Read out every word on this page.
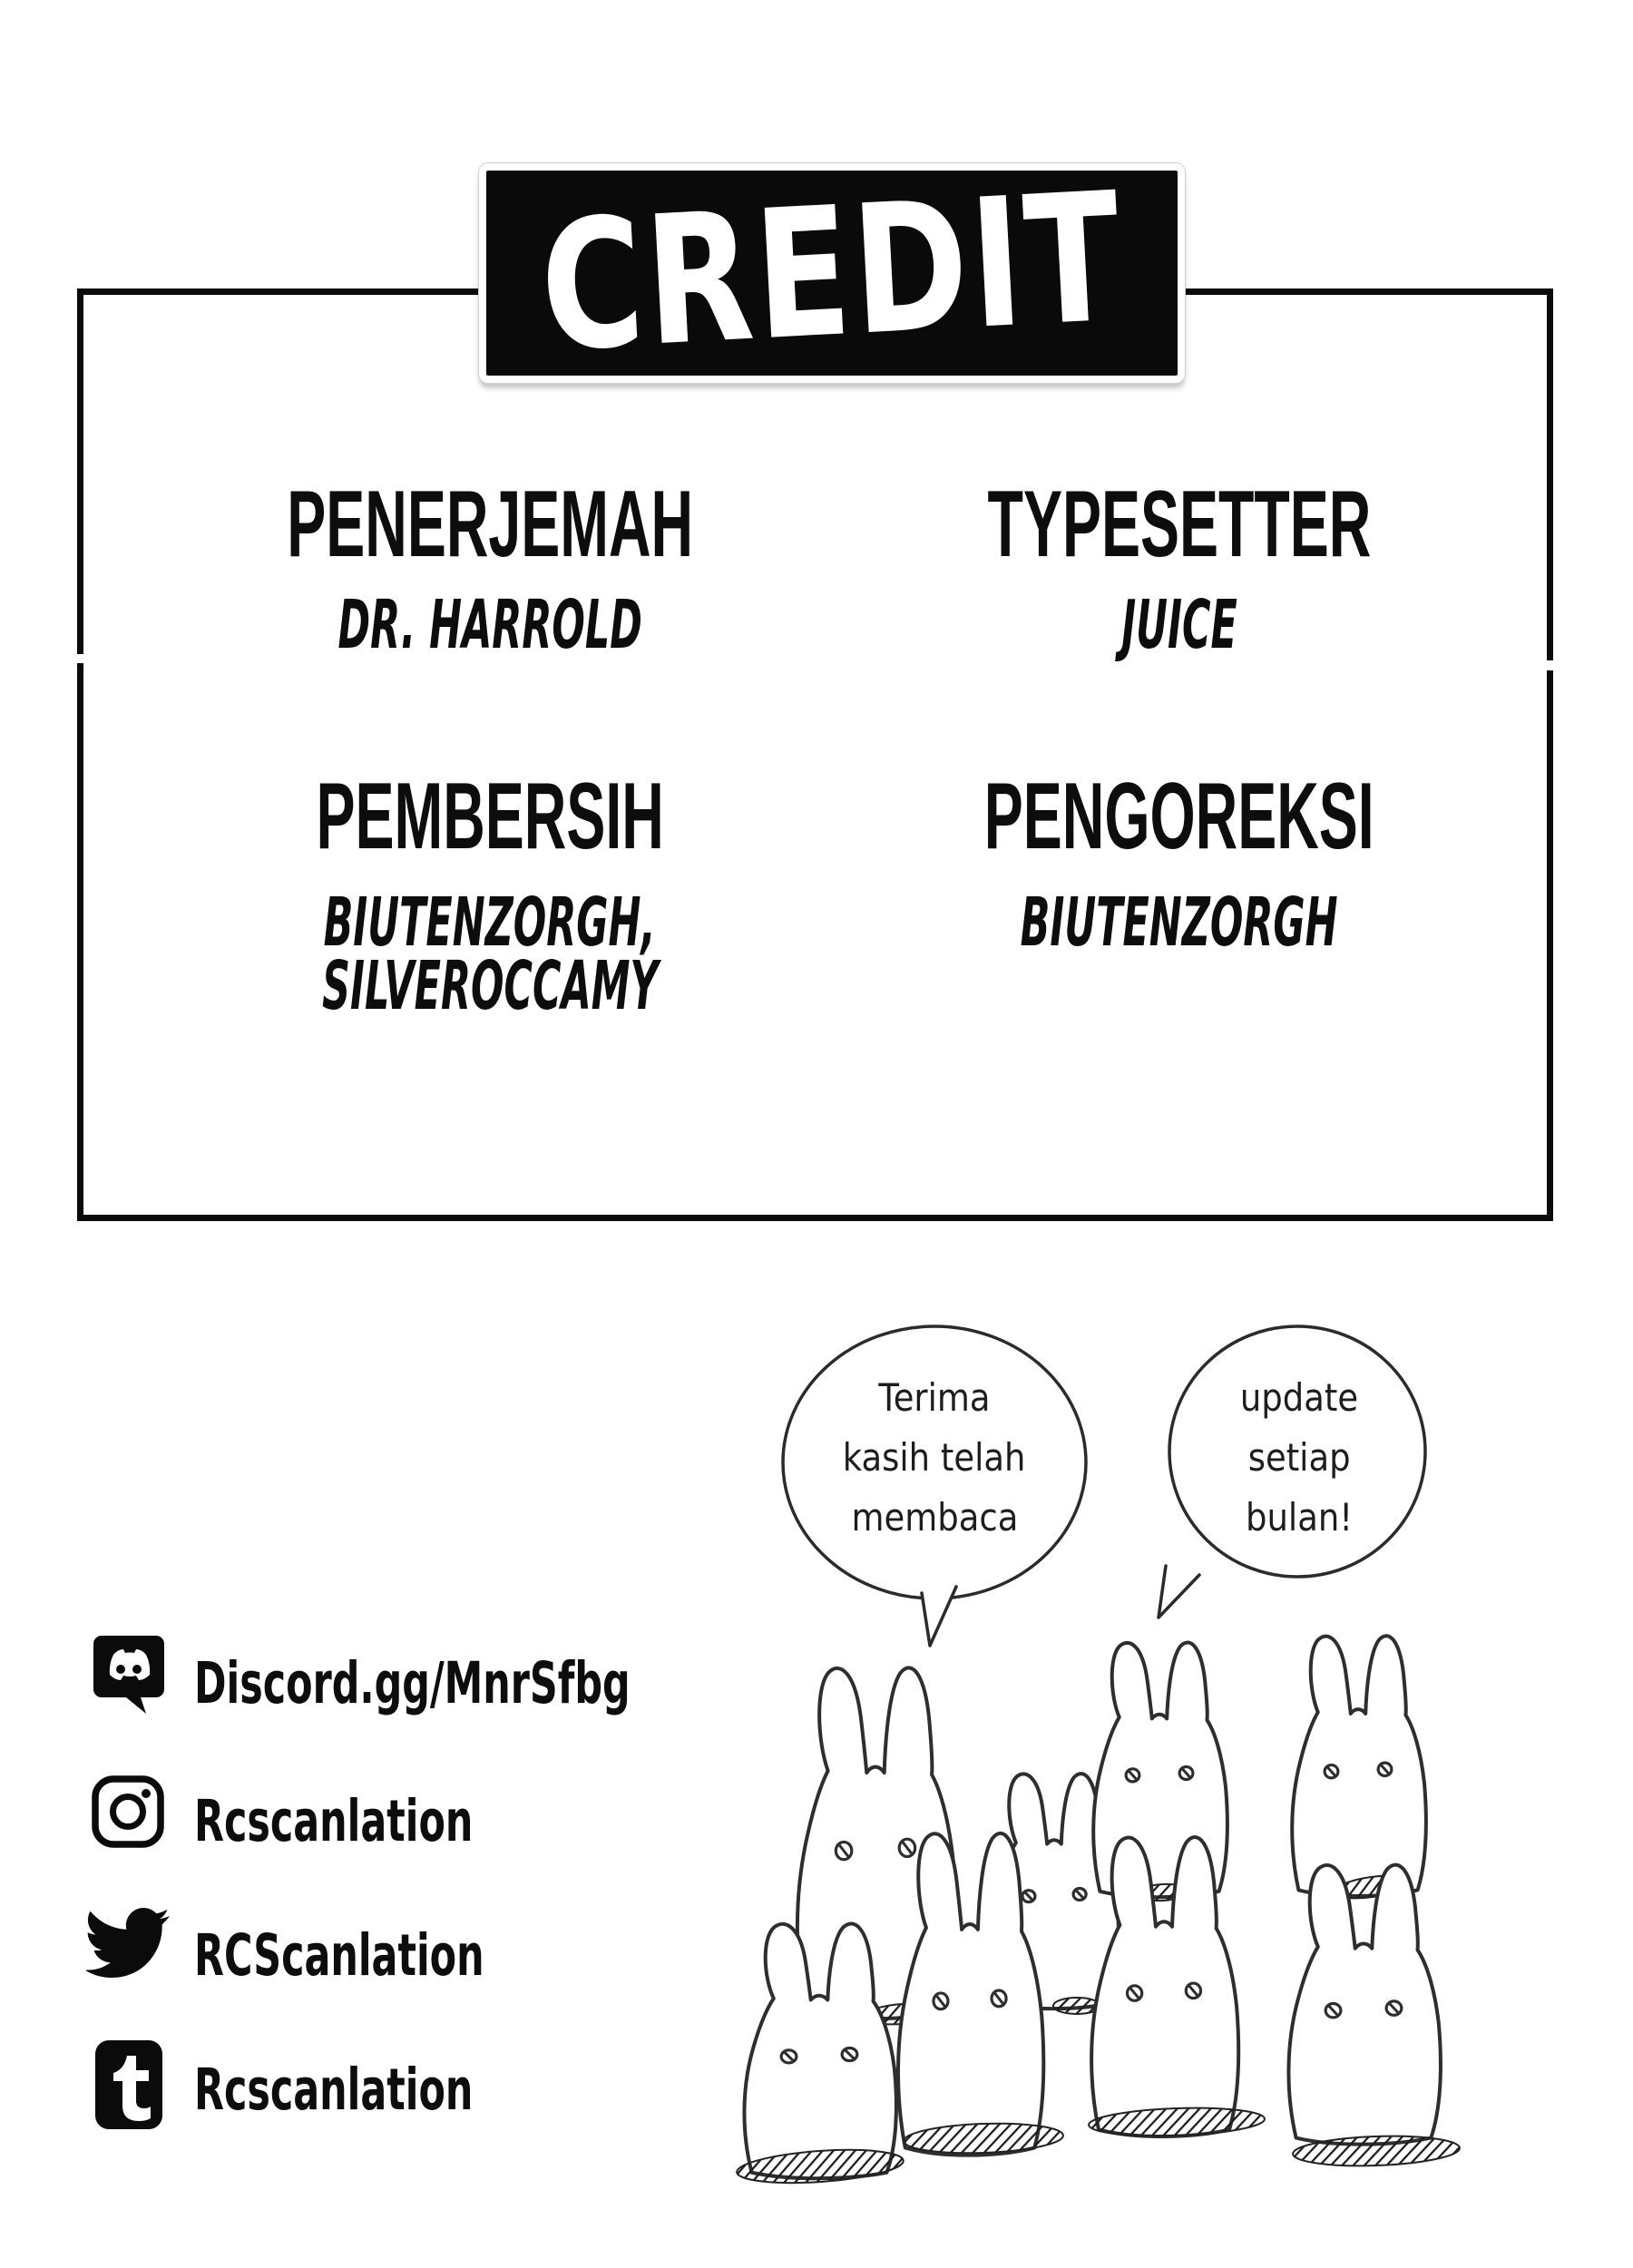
CREDIT
PENERJEMAH
DR. HARROLD
TYPESETTER
JUICE
PEMBERSIH
BIUTENZORGH,
SILVEROCCAMY
PENGOREKSI
BIUTENZORGH
Terima
kasih telah
membaca
update
setiap
bulan!
Discord.gg/MnrSfbg
Rcscanlation
RCScanlation
Rcscanlation
